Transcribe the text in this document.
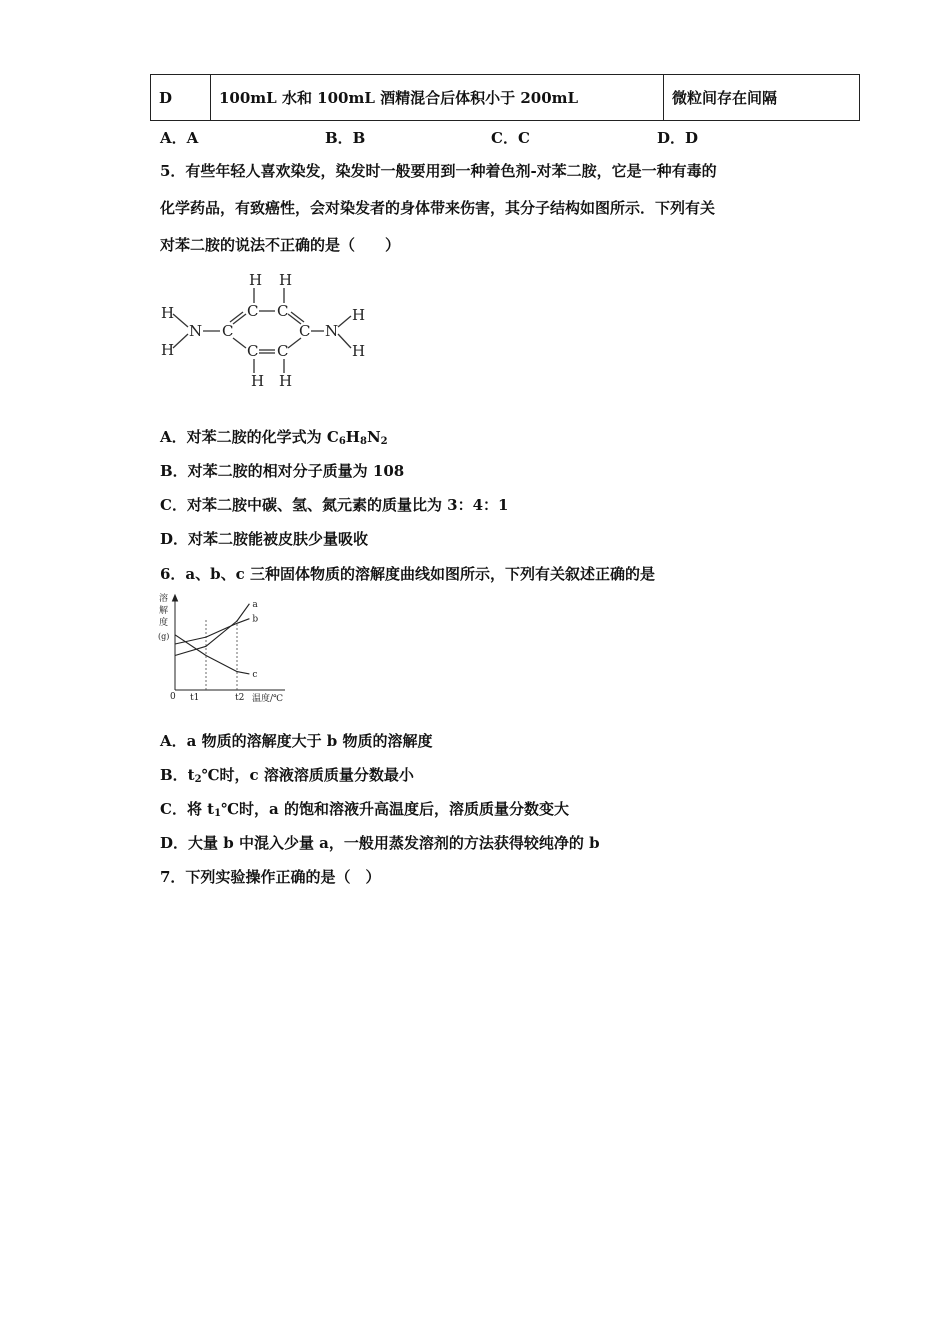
D	100mL 水和 100mL 酒精混合后体积小于 200mL	微粒间存在间隔
A．A	B．B	C．C	D．D
5．有些年轻人喜欢染发，染发时一般要用到一种着色剂-对苯二胺，它是一种有毒的
化学药品，有致癌性，会对染发者的身体带来伤害，其分子结构如图所示．下列有关
对苯二胺的说法不正确的是（　　）
H H
H
H
N C
C C
C C
C N
H
H
H H
A．对苯二胺的化学式为 $C_6H_8N_2$
B．对苯二胺的相对分子质量为 108
C．对苯二胺中碳、氢、氮元素的质量比为 3：4：1
D．对苯二胺能被皮肤少量吸收
6．a、b、c 三种固体物质的溶解度曲线如图所示，下列有关叙述正确的是
溶
解
度
(g)
0 t1	t2 温度/℃
a
b
c
A．a 物质的溶解度大于 b 物质的溶解度
B．$t_2℃$时，c 溶液溶质质量分数最小
C．将 $t_1℃$时，a 的饱和溶液升高温度后，溶质质量分数变大
D．大量 b 中混入少量 a，一般用蒸发溶剂的方法获得较纯净的 b
7．下列实验操作正确的是（　）
